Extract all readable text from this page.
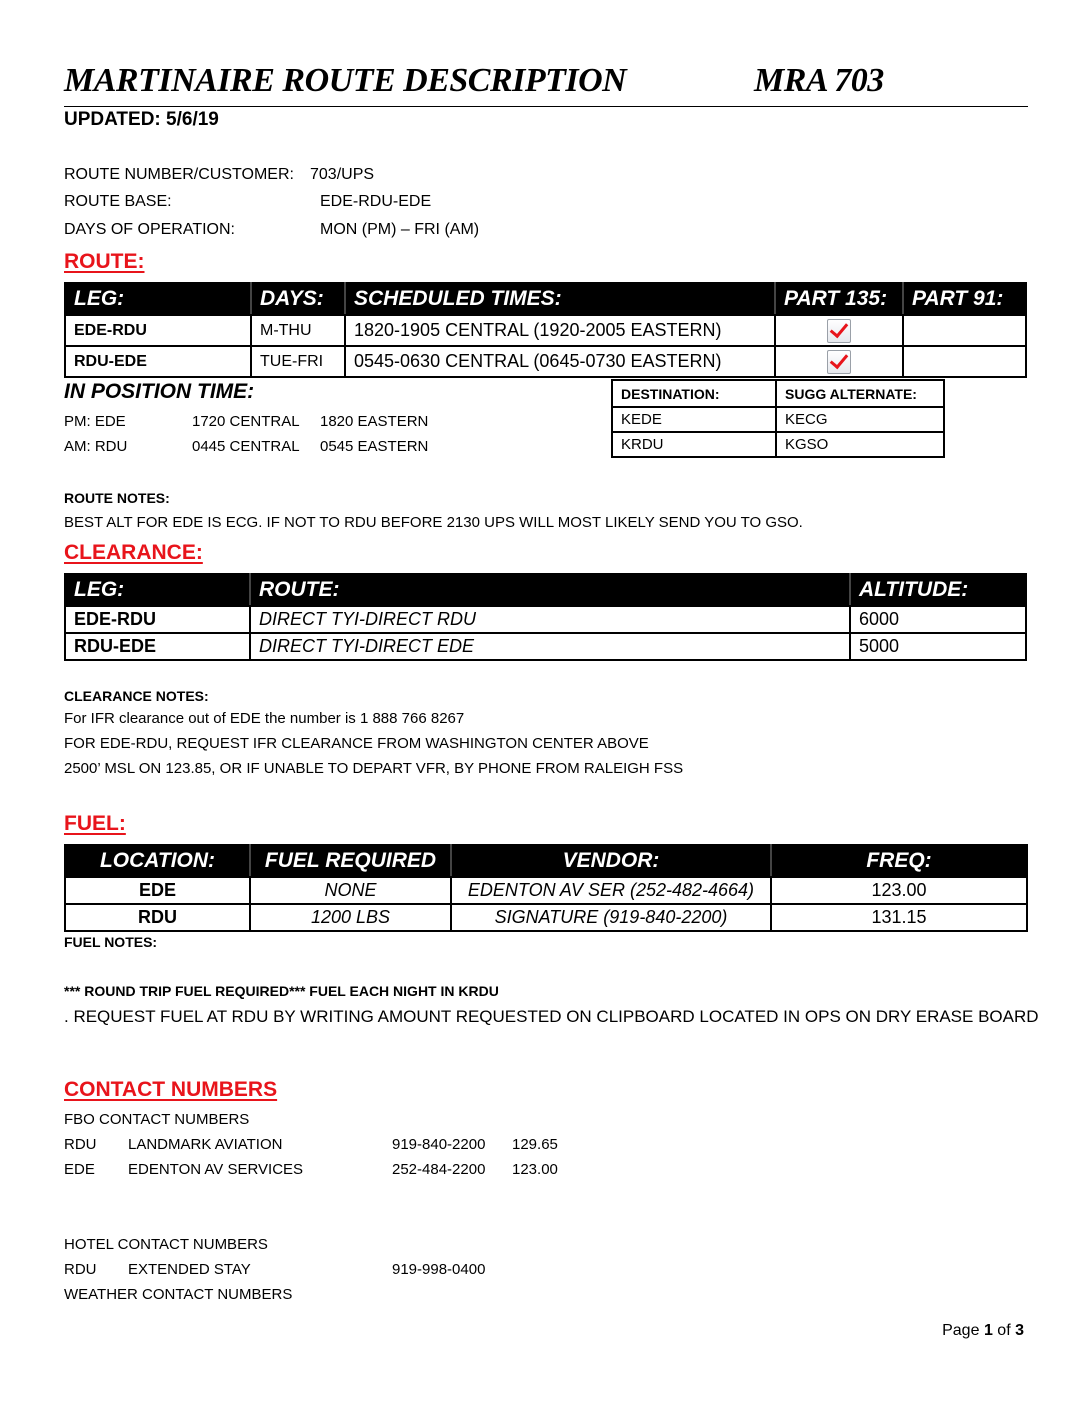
MARTINAIRE ROUTE DESCRIPTION	MRA 703
UPDATED: 5/6/19
ROUTE NUMBER/CUSTOMER: 703/UPS
ROUTE BASE:	EDE-RDU-EDE
DAYS OF OPERATION:	MON (PM) – FRI (AM)
ROUTE:
LEG:	DAYS:	SCHEDULED TIMES:	PART 135:	PART 91:
EDE-RDU	M-THU	1820-1905 CENTRAL (1920-2005 EASTERN)		
RDU-EDE	TUE-FRI	0545-0630 CENTRAL (0645-0730 EASTERN)		
IN POSITION TIME:
PM: EDE	1720 CENTRAL 1820 EASTERN
AM: RDU	0445 CENTRAL 0545 EASTERN
DESTINATION:	SUGG ALTERNATE:
KEDE	KECG
KRDU	KGSO
ROUTE NOTES:
BEST ALT FOR EDE IS ECG. IF NOT TO RDU BEFORE 2130 UPS WILL MOST LIKELY SEND YOU TO GSO.
CLEARANCE:
LEG:	ROUTE:	ALTITUDE:
EDE-RDU	DIRECT TYI-DIRECT RDU	6000
RDU-EDE	DIRECT TYI-DIRECT EDE	5000
CLEARANCE NOTES:
For IFR clearance out of EDE the number is 1 888 766 8267
FOR EDE-RDU, REQUEST IFR CLEARANCE FROM WASHINGTON CENTER ABOVE
2500’ MSL ON 123.85, OR IF UNABLE TO DEPART VFR, BY PHONE FROM RALEIGH FSS
FUEL:
LOCATION:	FUEL REQUIRED	VENDOR:	FREQ:
EDE	NONE	EDENTON AV SER (252-482-4664)	123.00
RDU	1200 LBS	SIGNATURE (919-840-2200)	131.15
FUEL NOTES:
*** ROUND TRIP FUEL REQUIRED*** FUEL EACH NIGHT IN KRDU
. REQUEST FUEL AT RDU BY WRITING AMOUNT REQUESTED ON CLIPBOARD LOCATED IN OPS ON DRY ERASE BOARD
CONTACT NUMBERS
FBO CONTACT NUMBERS
RDU LANDMARK AVIATION	919-840-2200 129.65
EDE EDENTON AV SERVICES	252-484-2200 123.00
HOTEL CONTACT NUMBERS
RDU EXTENDED STAY	919-998-0400
WEATHER CONTACT NUMBERS
Page 1 of 3
